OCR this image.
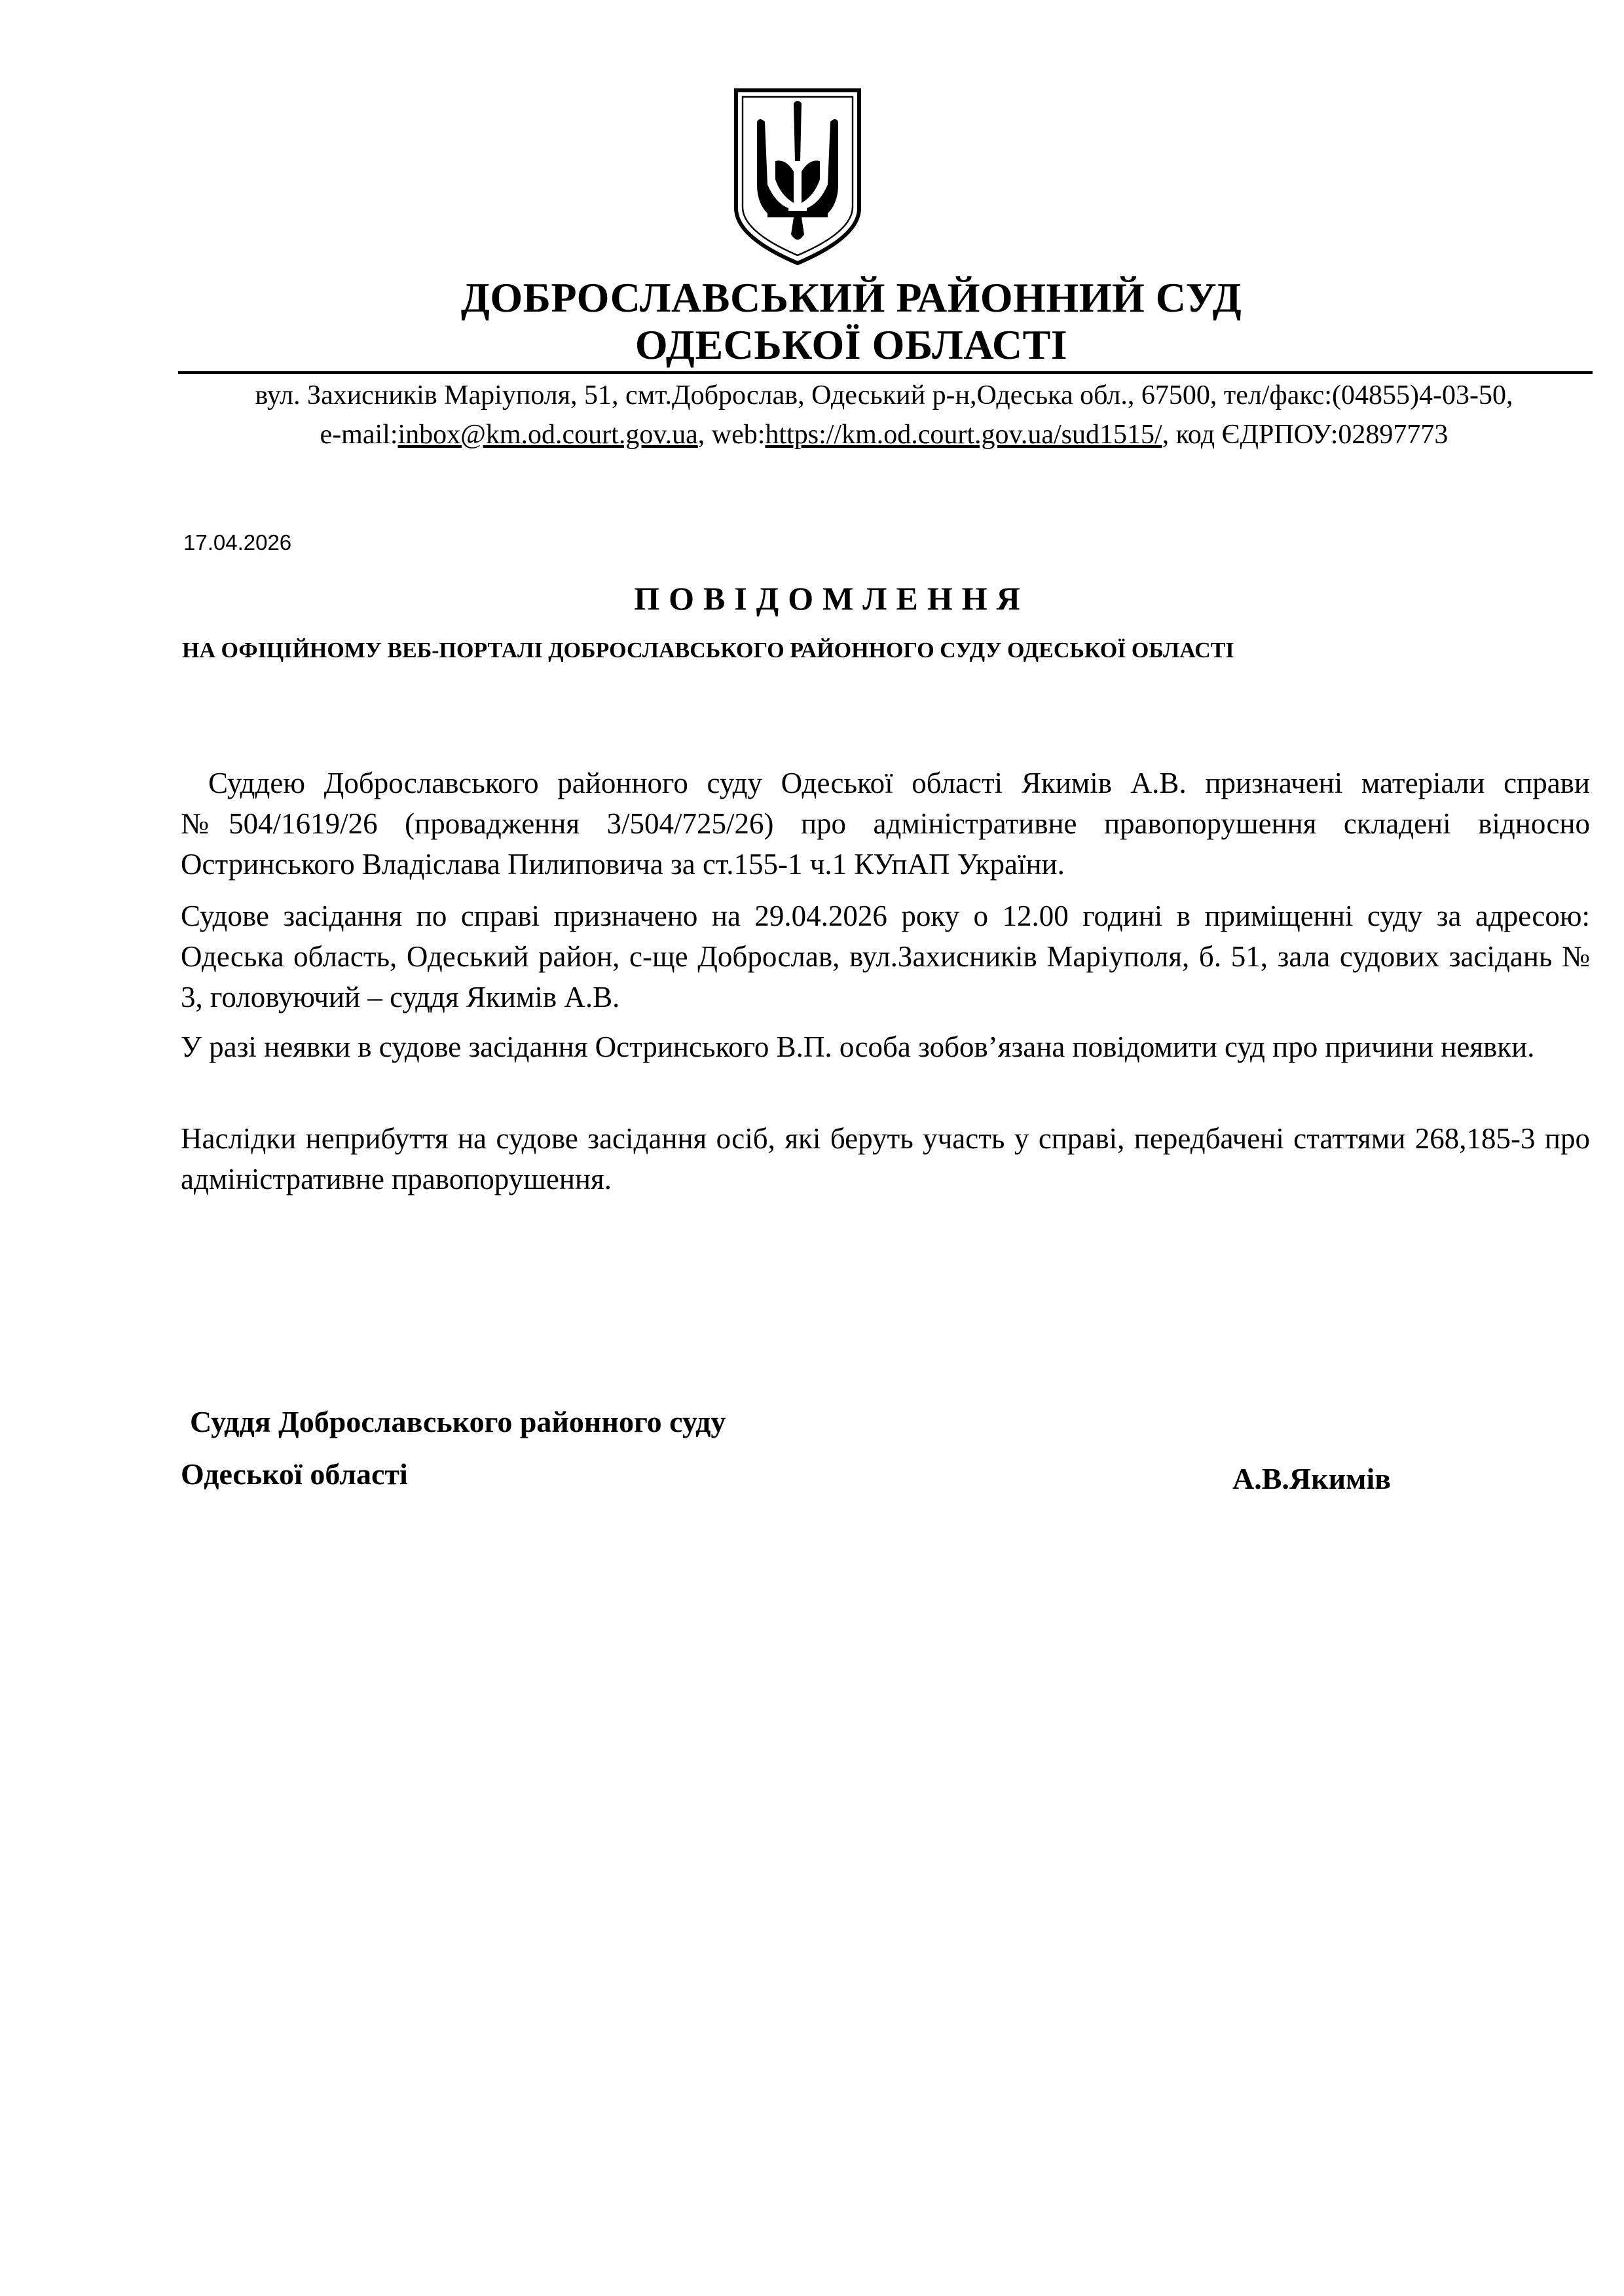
ДОБРОСЛАВСЬКИЙ РАЙОННИЙ СУД
ОДЕСЬКОЇ ОБЛАСТІ
вул. Захисників Маріуполя, 51, смт.Доброслав, Одеський р-н,Одеська обл., 67500, тел/факс:(04855)4-03-50,
e-mail:inbox@km.od.court.gov.ua, web:https://km.od.court.gov.ua/sud1515/, код ЄДРПОУ:02897773
17.04.2026
ПОВІДОМЛЕННЯ
НА ОФІЦІЙНОМУ ВЕБ-ПОРТАЛІ ДОБРОСЛАВСЬКОГО РАЙОННОГО СУДУ ОДЕСЬКОЇ ОБЛАСТІ
Суддею Доброславського районного суду Одеської області Якимів А.В. призначені матеріали справи №504/1619/26 (провадження 3/504/725/26) про адміністративне правопорушення складені відносно Остринського Владіслава Пилиповича за ст.155-1 ч.1 КУпАП України.
Судове засідання по справі призначено на 29.04.2026 року о 12.00 годині в приміщенні суду за адресою: Одеська область, Одеський район, с-ще Доброслав, вул.Захисників Маріуполя, б. 51, зала судових засідань № 3, головуючий – суддя Якимів А.В.
У разі неявки в судове засідання Остринського В.П. особа зобов’язана повідомити суд про причини неявки.
Наслідки неприбуття на судове засідання осіб, які беруть участь у справі, передбачені статтями 268,185-3 про адміністративне правопорушення.
Суддя Доброславського районного суду
Одеської області	А.В.Якимів
